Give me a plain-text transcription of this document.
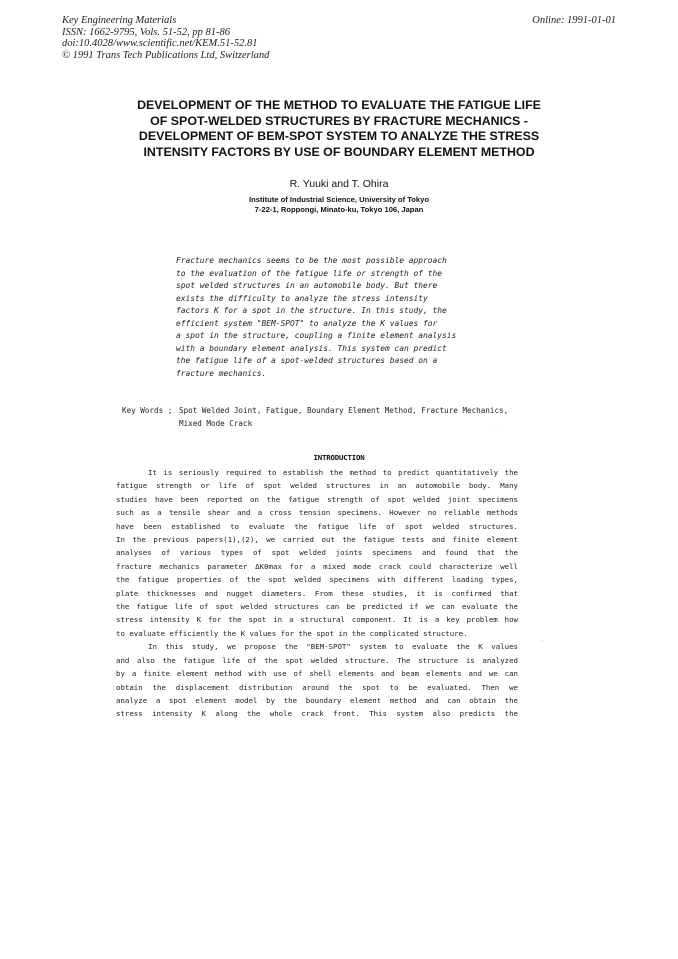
Key Engineering Materials
ISSN: 1662-9795, Vols. 51-52, pp 81-86
doi:10.4028/www.scientific.net/KEM.51-52.81
© 1991 Trans Tech Publications Ltd, Switzerland
Online: 1991-01-01
DEVELOPMENT OF THE METHOD TO EVALUATE THE FATIGUE LIFE
OF SPOT-WELDED STRUCTURES BY FRACTURE MECHANICS -
DEVELOPMENT OF BEM-SPOT SYSTEM TO ANALYZE THE STRESS
INTENSITY FACTORS BY USE OF BOUNDARY ELEMENT METHOD
R. Yuuki and T. Ohira
Institute of Industrial Science, University of Tokyo
7-22-1, Roppongi, Minato-ku, Tokyo 106, Japan
Fracture mechanics seems to be the most possible approach
to the evaluation of the fatigue life or strength of the
spot welded structures in an automobile body. But there
exists the difficulty to analyze the stress intensity
factors K for a spot in the structure. In this study, the
efficient system "BEM-SPOT" to analyze the K values for
a spot in the structure, coupling a finite element analysis
with a boundary element analysis. This system can predict
the fatigue life of a spot-welded structures based on a
fracture mechanics.
Key Words ; Spot Welded Joint, Fatigue, Boundary Element Method, Fracture Mechanics,
Mixed Mode Crack	.
INTRODUCTION
It is seriously required to establish the method to predict quantitatively the
fatigue strength or life of spot welded structures in an automobile body. Many
studies have been reported on the fatigue strength of spot welded joint specimens
such as a tensile shear and a cross tension specimens. However no reliable methods
have been established to evaluate the fatigue life of spot welded structures.
In the previous papers(1),(2), we carried out the fatigue tests and finite element
analyses of various types of spot welded joints specimens and found that the
fracture mechanics parameter ΔKθmax for a mixed mode crack could characterize well
the fatigue properties of the spot welded specimens with different loading types,
plate thicknesses and nugget diameters. From these studies, it is confirmed that
the fatigue life of spot welded structures can be predicted if we can evaluate the
stress intensity K for the spot in a structural component. It is a key problem how
to evaluate efficiently the K values for the spot in the complicated structure.
In this study, we propose the "BEM-SPOT" system to evaluate the K values
and also the fatigue life of the spot welded structure. The structure is analyzed
by a finite element method with use of shell elements and beam elements and we can
obtain the displacement distribution around the spot to be evaluated. Then we
analyze a spot element model by the boundary element method and can obtain the
stress intensity K along the whole crack front. This system also predicts the
·
